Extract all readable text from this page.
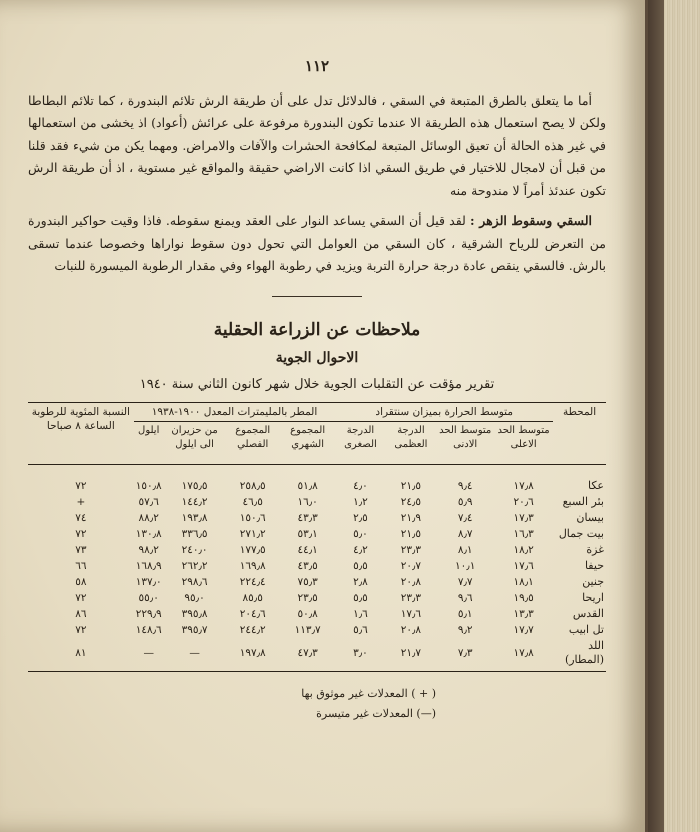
١١٢

أما ما يتعلق بالطرق المتبعة في السقي ، فالدلائل تدل على أن طريقة الرش تلائم البندورة ، كما تلائم البطاطا ولكن لا يصح استعمال هذه الطريقة الا عندما تكون البندورة مرفوعة على عرائش (أعواد) اذ يخشى من استعمالها في غير هذه الحالة أن تعيق الوسائل المتبعة لمكافحة الحشرات والآفات والامراض. ومهما يكن من شيء فقد قلنا من قبل أن لامجال للاختيار في طريق السقي اذا كانت الاراضي حقيقة والمواقع غير مستوية ، اذ أن طريقة الرش تكون عندئذ أمراً لا مندوحة منه

السقي وسقوط الزهر : لقد قيل أن السقي يساعد النوار على العقد ويمنع سقوطه. فاذا وقيت حواكير البندورة من التعرض للرياح الشرقية ، كان السقي من العوامل التي تحول دون سقوط نواراها وخصوصا عندما تسقى بالرش. فالسقي ينقص عادة درجة حرارة التربة ويزيد في رطوبة الهواء وفي مقدار الرطوبة الميسورة للنبات

ملاحظات عن الزراعة الحقلية
الاحوال الجوية
تقرير مؤقت عن التقلبات الجوية خلال شهر كانون الثاني سنة ١٩٤٠
المحطة	متوسط الحرارة بميزان سنتقراد				المطر بالمليمترات المعدل ١٩٠٠-١٩٣٨				النسبة المئوية للرطوبة الساعة ٨ صباحا
	متوسط الحد الاعلى	متوسط الحد الادنى	الدرجة العظمى	الدرجة الصغرى	المجموع الشهري	المجموع الفصلي	من حزيران الى ايلول	ايلول	
عكا	١٧٫٨	٩٫٤	٢١٫٥	٤٫٠	٥١٫٨	٢٥٨٫٥	١٧٥٫٥	١٥٠٫٨	٧٢
بئر السبع	٢٠٫٦	٥٫٩	٢٤٫٥	١٫٢	١٦٫٠	٤٦٫٥	١٤٤٫٢	٥٧٫٦	+
بيسان	١٧٫٣	٧٫٤	٢١٫٩	٢٫٥	٤٣٫٣	١٥٠٫٦	١٩٣٫٨	٨٨٫٢	٧٤
بيت جمال	١٦٫٣	٨٫٧	٢١٫٥	٥٫٠	٥٣٫١	٢٧١٫٢	٣٣٦٫٥	١٣٠٫٨	٧٢
غزة	١٨٫٢	٨٫١	٢٣٫٣	٤٫٢	٤٤٫١	١٧٧٫٥	٢٤٠٫٠	٩٨٫٢	٧٣
حيفا	١٧٫٦	١٠٫١	٢٠٫٧	٥٫٥	٤٣٫٥	١٦٩٫٨	٢٦٢٫٢	١٦٨٫٩	٦٦
جنين	١٨٫١	٧٫٧	٢٠٫٨	٢٫٨	٧٥٫٣	٢٢٤٫٤	٢٩٨٫٦	١٣٧٫٠	٥٨
اريحا	١٩٫٥	٩٫٦	٢٣٫٣	٥٫٥	٢٣٫٥	٨٥٫٥	٩٥٫٠	٥٥٫٠	٧٢
القدس	١٣٫٣	٥٫١	١٧٫٦	١٫٦	٥٠٫٨	٢٠٤٫٦	٣٩٥٫٨	٢٢٩٫٩	٨٦
تل ابيب	١٧٫٧	٩٫٢	٢٠٫٨	٥٫٦	١١٣٫٧	٢٤٤٫٢	٣٩٥٫٧	١٤٨٫٦	٧٢
اللد (المطار)	١٧٫٨	٧٫٣	٢١٫٧	٣٫٠	٤٧٫٣	١٩٧٫٨	—	—	٨١
( + ) المعدلات غير موثوق بها
(—) المعدلات غير متيسرة
